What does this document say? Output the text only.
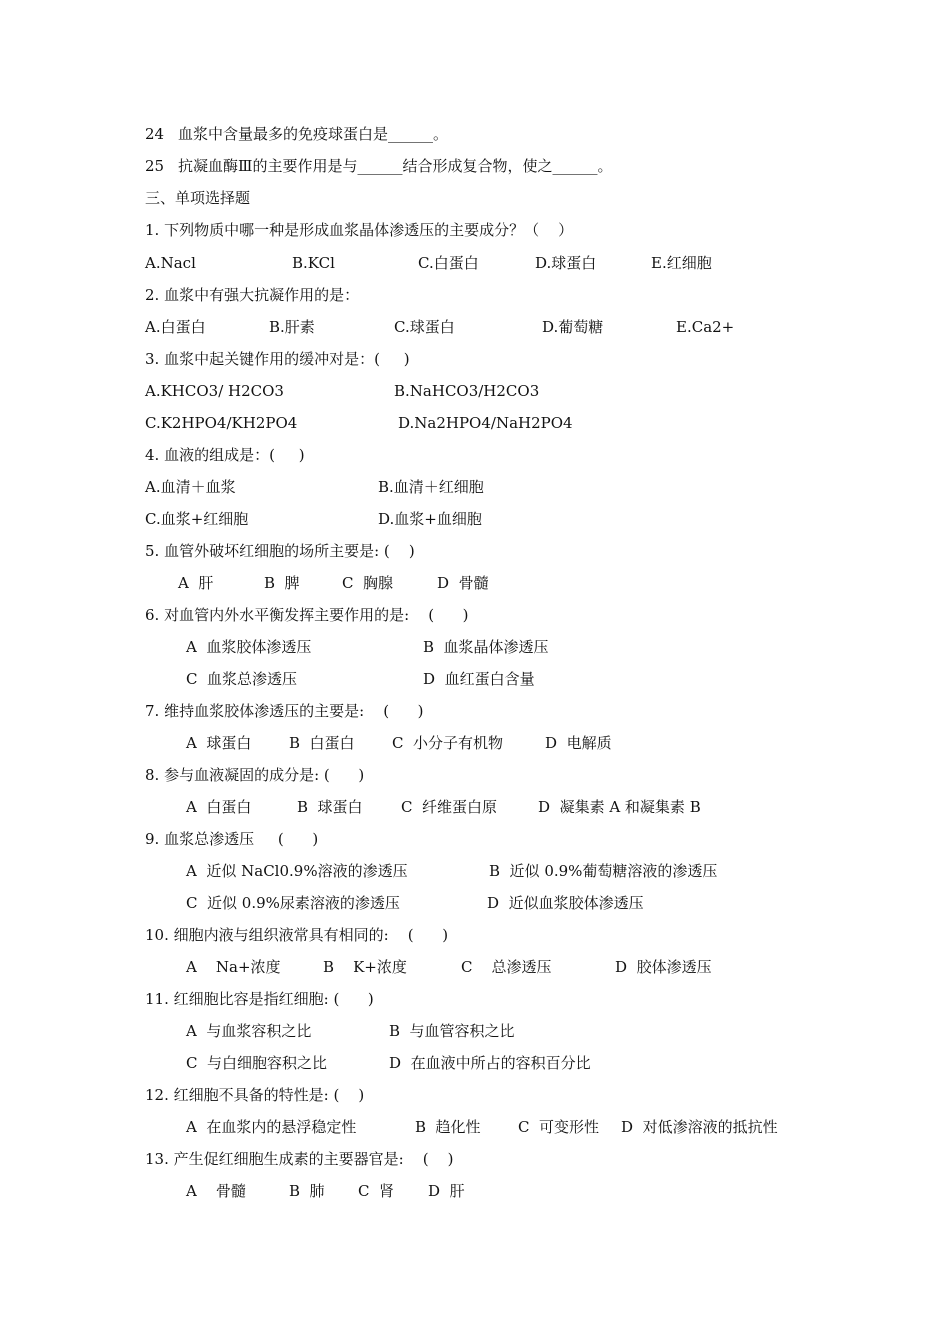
24

血浆中含量最多的免疫球蛋白是______。

25

抗凝血酶Ⅲ的主要作用是与______结合形成复合物，使之______。

三、单项选择题
1. 下列物质中哪一种是形成血浆晶体渗透压的主要成分？（    ）

A.Nacl

	B.KCl

	C.白蛋白

	D.球蛋白

	E.红细胞

2. 血浆中有强大抗凝作用的是：

A.白蛋白

	B.肝素

	C.球蛋白

	D.葡萄糖

	E.Ca2+

3. 血浆中起关键作用的缓冲对是：(     )

A.KHCO3/ H2CO3

	B.NaHCO3/H2CO3

C.K2HPO4/KH2PO4

	D.Na2HPO4/NaH2PO4

4. 血液的组成是：(     )

A.血清＋血浆

	B.血清＋红细胞

C.血浆+红细胞

	D.血浆+血细胞

5. 血管外破坏红细胞的场所主要是: (    )

A  肝

	B  脾

	C  胸腺

	D  骨髓

6. 对血管内外水平衡发挥主要作用的是:    (      )

A  血浆胶体渗透压

	B  血浆晶体渗透压

C  血浆总渗透压

	D  血红蛋白含量

7. 维持血浆胶体渗透压的主要是:    (      )

A  球蛋白

	B  白蛋白

C  小分子有机物

	D  电解质

8. 参与血液凝固的成分是: (      )

A  白蛋白

	B  球蛋白

	C  纤维蛋白原

	D  凝集素 A 和凝集素 B

9. 血浆总渗透压     (      )

A  近似 NaCl0.9%溶液的渗透压

	B  近似 0.9%葡萄糖溶液的渗透压

C  近似 0.9%尿素溶液的渗透压

	D  近似血浆胶体渗透压

10. 细胞内液与组织液常具有相同的:    (      )

A    Na+浓度

	B    K+浓度

	C    总渗透压

	D  胶体渗透压

11. 红细胞比容是指红细胞: (      )

A  与血浆容积之比

	B  与血管容积之比

C  与白细胞容积之比

	D  在血液中所占的容积百分比

12. 红细胞不具备的特性是: (    )

A  在血浆内的悬浮稳定性

	B  趋化性

C  可变形性

D  对低渗溶液的抵抗性

13. 产生促红细胞生成素的主要器官是:    (    )

A    骨髓

	B  肺

C  肾

D  肝
